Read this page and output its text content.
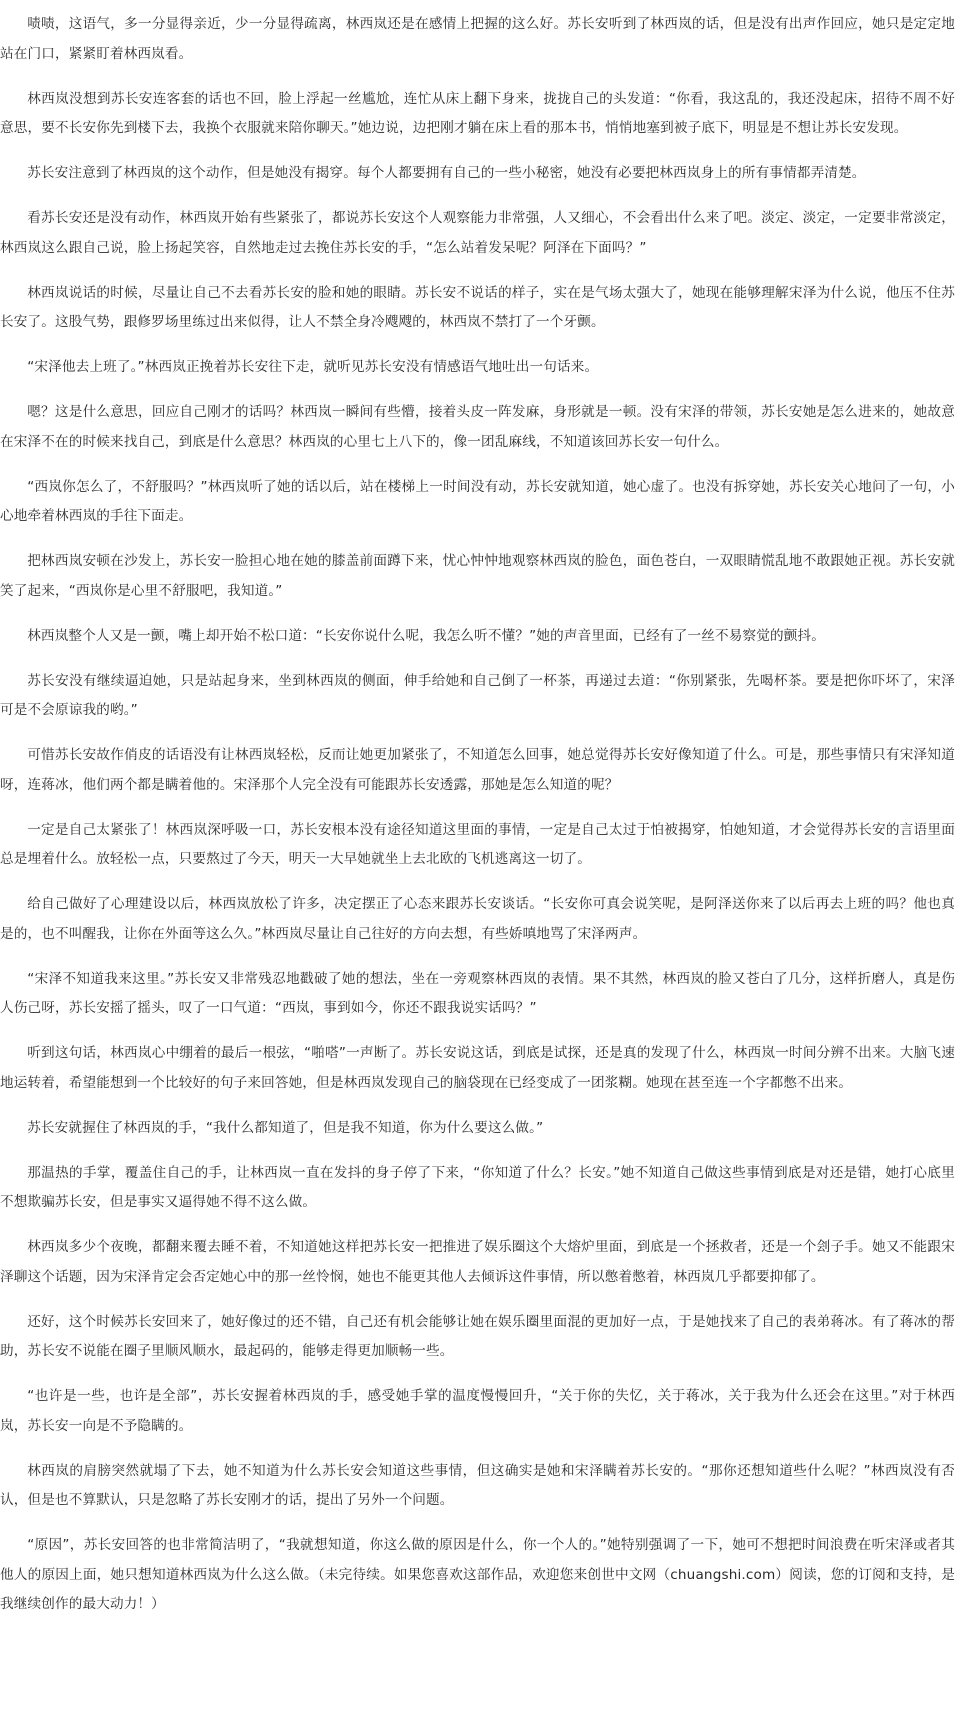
啧啧，这语气，多一分显得亲近，少一分显得疏离，林西岚还是在感情上把握的这么好。苏长安听到了林西岚的话，但是没有出声作回应，她只是定定地站在门口，紧紧盯着林西岚看。

林西岚没想到苏长安连客套的话也不回，脸上浮起一丝尴尬，连忙从床上翻下身来，拢拢自己的头发道：“你看，我这乱的，我还没起床，招待不周不好意思，要不长安你先到楼下去，我换个衣服就来陪你聊天。”她边说，边把刚才躺在床上看的那本书，悄悄地塞到被子底下，明显是不想让苏长安发现。

苏长安注意到了林西岚的这个动作，但是她没有揭穿。每个人都要拥有自己的一些小秘密，她没有必要把林西岚身上的所有事情都弄清楚。

看苏长安还是没有动作，林西岚开始有些紧张了，都说苏长安这个人观察能力非常强，人又细心，不会看出什么来了吧。淡定、淡定，一定要非常淡定，林西岚这么跟自己说，脸上扬起笑容，自然地走过去挽住苏长安的手，“怎么站着发呆呢？阿泽在下面吗？”

林西岚说话的时候，尽量让自己不去看苏长安的脸和她的眼睛。苏长安不说话的样子，实在是气场太强大了，她现在能够理解宋泽为什么说，他压不住苏长安了。这股气势，跟修罗场里练过出来似得，让人不禁全身冷飕飕的，林西岚不禁打了一个牙颤。

“宋泽他去上班了。”林西岚正挽着苏长安往下走，就听见苏长安没有情感语气地吐出一句话来。

嗯？这是什么意思，回应自己刚才的话吗？林西岚一瞬间有些懵，接着头皮一阵发麻，身形就是一顿。没有宋泽的带领，苏长安她是怎么进来的，她故意在宋泽不在的时候来找自己，到底是什么意思？林西岚的心里七上八下的，像一团乱麻线，不知道该回苏长安一句什么。

“西岚你怎么了，不舒服吗？”林西岚听了她的话以后，站在楼梯上一时间没有动，苏长安就知道，她心虚了。也没有拆穿她，苏长安关心地问了一句，小心地牵着林西岚的手往下面走。

把林西岚安顿在沙发上，苏长安一脸担心地在她的膝盖前面蹲下来，忧心忡忡地观察林西岚的脸色，面色苍白，一双眼睛慌乱地不敢跟她正视。苏长安就笑了起来，“西岚你是心里不舒服吧，我知道。”

林西岚整个人又是一颤，嘴上却开始不松口道：“长安你说什么呢，我怎么听不懂？”她的声音里面，已经有了一丝不易察觉的颤抖。

苏长安没有继续逼迫她，只是站起身来，坐到林西岚的侧面，伸手给她和自己倒了一杯茶，再递过去道：“你别紧张，先喝杯茶。要是把你吓坏了，宋泽可是不会原谅我的哟。”

可惜苏长安故作俏皮的话语没有让林西岚轻松，反而让她更加紧张了，不知道怎么回事，她总觉得苏长安好像知道了什么。可是，那些事情只有宋泽知道呀，连蒋冰，他们两个都是瞒着他的。宋泽那个人完全没有可能跟苏长安透露，那她是怎么知道的呢？

一定是自己太紧张了！林西岚深呼吸一口，苏长安根本没有途径知道这里面的事情，一定是自己太过于怕被揭穿，怕她知道，才会觉得苏长安的言语里面总是埋着什么。放轻松一点，只要熬过了今天，明天一大早她就坐上去北欧的飞机逃离这一切了。

给自己做好了心理建设以后，林西岚放松了许多，决定摆正了心态来跟苏长安谈话。“长安你可真会说笑呢，是阿泽送你来了以后再去上班的吗？他也真是的，也不叫醒我，让你在外面等这么久。”林西岚尽量让自己往好的方向去想，有些娇嗔地骂了宋泽两声。

“宋泽不知道我来这里。”苏长安又非常残忍地戳破了她的想法，坐在一旁观察林西岚的表情。果不其然，林西岚的脸又苍白了几分，这样折磨人，真是伤人伤己呀，苏长安摇了摇头，叹了一口气道：“西岚，事到如今，你还不跟我说实话吗？”

听到这句话，林西岚心中绷着的最后一根弦，“啪嗒”一声断了。苏长安说这话，到底是试探，还是真的发现了什么，林西岚一时间分辨不出来。大脑飞速地运转着，希望能想到一个比较好的句子来回答她，但是林西岚发现自己的脑袋现在已经变成了一团浆糊。她现在甚至连一个字都憋不出来。

苏长安就握住了林西岚的手，“我什么都知道了，但是我不知道，你为什么要这么做。”

那温热的手掌，覆盖住自己的手，让林西岚一直在发抖的身子停了下来，“你知道了什么？长安。”她不知道自己做这些事情到底是对还是错，她打心底里不想欺骗苏长安，但是事实又逼得她不得不这么做。

林西岚多少个夜晚，都翻来覆去睡不着，不知道她这样把苏长安一把推进了娱乐圈这个大熔炉里面，到底是一个拯救者，还是一个刽子手。她又不能跟宋泽聊这个话题，因为宋泽肯定会否定她心中的那一丝怜悯，她也不能更其他人去倾诉这件事情，所以憋着憋着，林西岚几乎都要抑郁了。

还好，这个时候苏长安回来了，她好像过的还不错，自己还有机会能够让她在娱乐圈里面混的更加好一点，于是她找来了自己的表弟蒋冰。有了蒋冰的帮助，苏长安不说能在圈子里顺风顺水，最起码的，能够走得更加顺畅一些。

“也许是一些，也许是全部”，苏长安握着林西岚的手，感受她手掌的温度慢慢回升，“关于你的失忆，关于蒋冰，关于我为什么还会在这里。”对于林西岚，苏长安一向是不予隐瞒的。

林西岚的肩膀突然就塌了下去，她不知道为什么苏长安会知道这些事情，但这确实是她和宋泽瞒着苏长安的。“那你还想知道些什么呢？”林西岚没有否认，但是也不算默认，只是忽略了苏长安刚才的话，提出了另外一个问题。

“原因”，苏长安回答的也非常简洁明了，“我就想知道，你这么做的原因是什么，你一个人的。”她特别强调了一下，她可不想把时间浪费在听宋泽或者其他人的原因上面，她只想知道林西岚为什么这么做。（未完待续。如果您喜欢这部作品，欢迎您来创世中文网（chuangshi.com）阅读，您的订阅和支持，是我继续创作的最大动力！）
